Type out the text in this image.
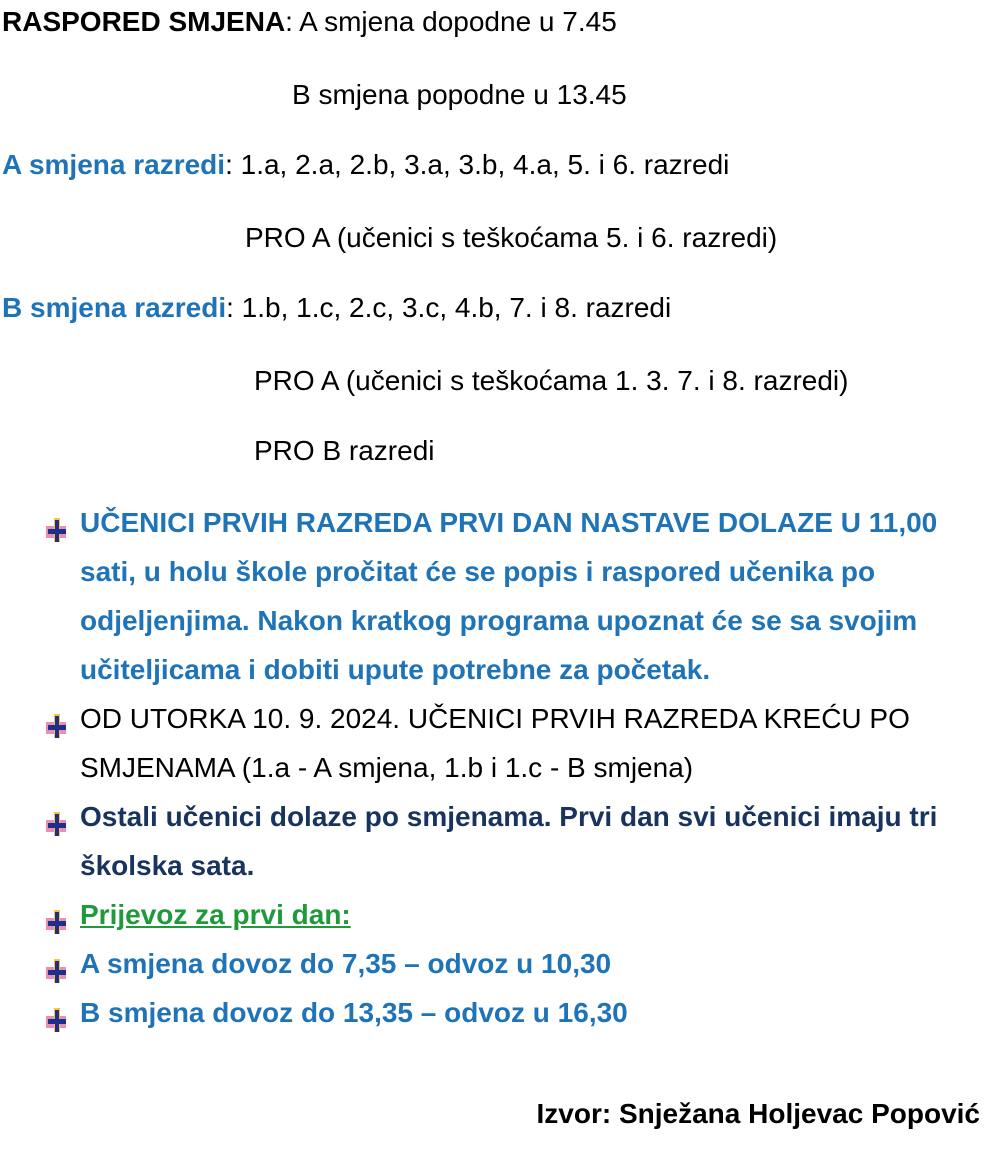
RASPORED SMJENA: A smjena dopodne u 7.45
B smjena popodne u 13.45
A smjena razredi: 1.a, 2.a, 2.b, 3.a, 3.b, 4.a, 5. i 6. razredi
PRO A (učenici s teškoćama 5. i 6. razredi)
B smjena razredi: 1.b, 1.c, 2.c, 3.c, 4.b, 7. i 8. razredi
PRO A (učenici s teškoćama 1. 3. 7. i 8. razredi)
PRO B razredi
UČENICI PRVIH RAZREDA PRVI DAN NASTAVE DOLAZE U 11,00 sati, u holu škole pročitat će se popis i raspored učenika po odjeljenjima. Nakon kratkog programa upoznat će se sa svojim učiteljicama i dobiti upute potrebne za početak.
OD UTORKA 10. 9. 2024. UČENICI PRVIH RAZREDA KREĆU PO SMJENAMA (1.a - A smjena, 1.b i 1.c - B smjena)
Ostali učenici dolaze po smjenama. Prvi dan svi učenici imaju tri školska sata.
Prijevoz za prvi dan:
A smjena dovoz do 7,35 – odvoz u 10,30
B smjena dovoz do 13,35 – odvoz u 16,30
Izvor: Snježana Holjevac Popović
